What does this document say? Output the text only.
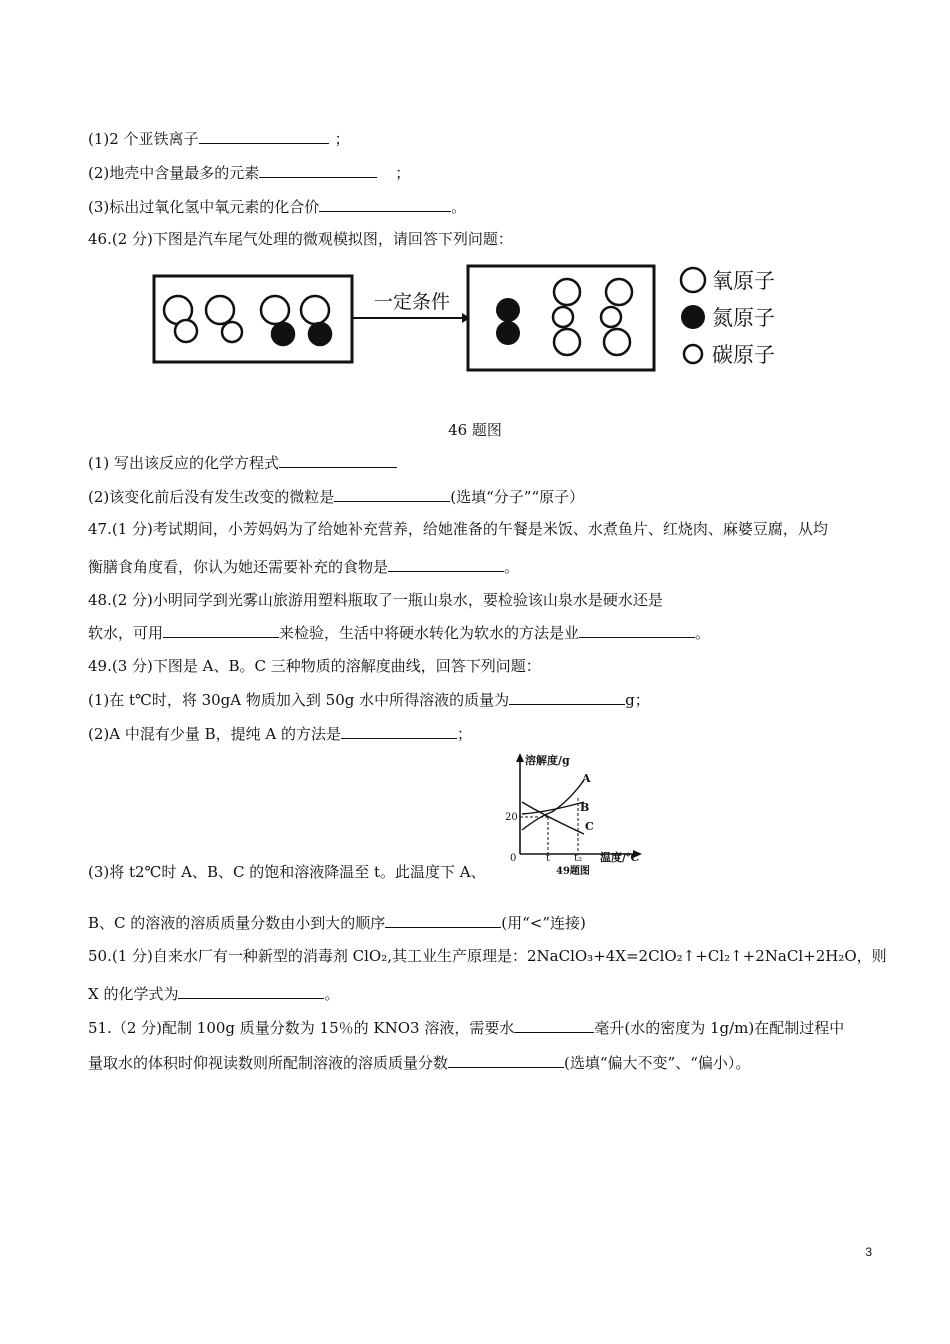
(1)2 个亚铁离子	；
(2)地壳中含量最多的元素	；
(3)标出过氧化氢中氧元素的化合价	。
46.(2 分)下图是汽车尾气处理的微观模拟图，请回答下列问题：
一定条件
氧原子
氮原子
碳原子
46 题图
(1) 写出该反应的化学方程式
(2)该变化前后没有发生改变的微粒是	(选填“分子”“原子）
47.(1 分)考试期间，小芳妈妈为了给她补充营养，给她准备的午餐是米饭、水煮鱼片、红烧肉、麻婆豆腐，从均
衡膳食角度看，你认为她还需要补充的食物是	。
48.(2 分)小明同学到光雾山旅游用塑料瓶取了一瓶山泉水，要检验该山泉水是硬水还是
软水，可用	来检验，生活中将硬水转化为软水的方法是业	。
49.(3 分)下图是 A、B。C 三种物质的溶解度曲线，回答下列问题：
(1)在 t℃时，将 30gA 物质加入到 50g 水中所得溶液的质量为	g；
(2)A 中混有少量 B，提纯 A 的方法是	；
溶解度/g
温度/℃
0
20
t t₂
A
B
C
49题图
(3)将 t2℃时 A、B、C 的饱和溶液降温至 t。此温度下 A、
B、C 的溶液的溶质质量分数由小到大的顺序	(用“<”连接)
50.(1 分)自来水厂有一种新型的消毒剂 ClO₂,其工业生产原理是：2NaClO₃+4X=2ClO₂↑+Cl₂↑+2NaCl+2H₂O，则
X 的化学式为	。
51.（2 分)配制 100g 质量分数为 15％的 KNO3 溶液，需要水	毫升(水的密度为 1g/m)在配制过程中
量取水的体积时仰视读数则所配制溶液的溶质质量分数	(选填“偏大不变”、“偏小）。
3
